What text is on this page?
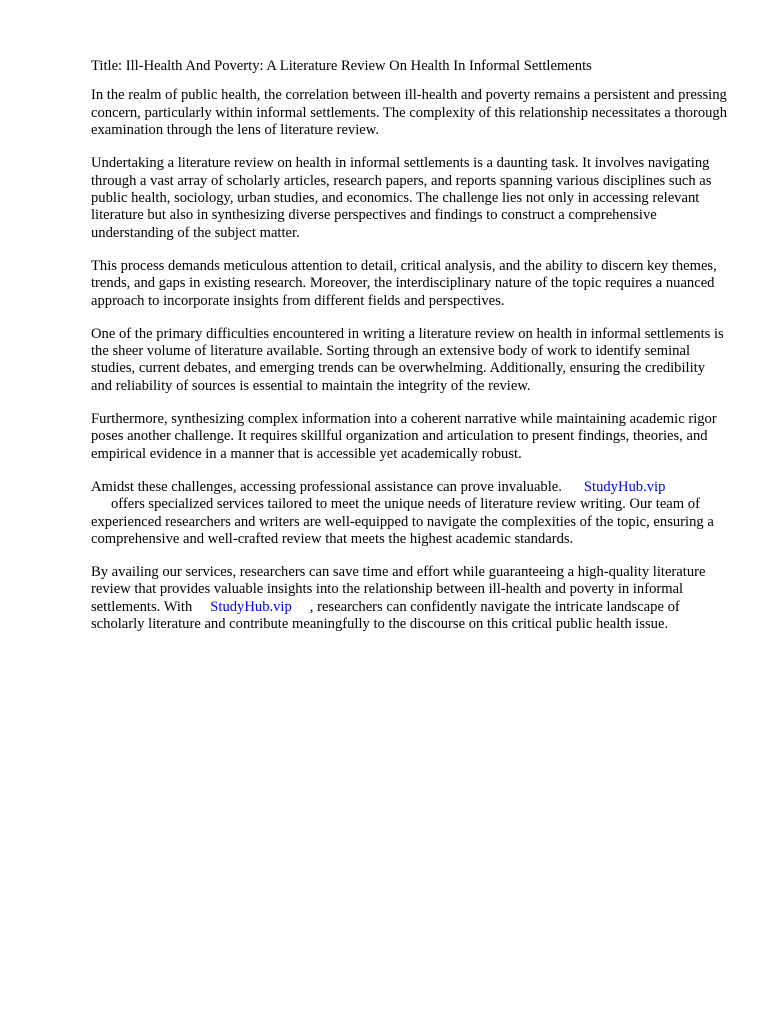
Title: Ill-Health And Poverty: A Literature Review On Health In Informal Settlements

In the realm of public health, the correlation between ill-health and poverty remains a persistent and pressing concern, particularly within informal settlements. The complexity of this relationship necessitates a thorough examination through the lens of literature review.

Undertaking a literature review on health in informal settlements is a daunting task. It involves navigating through a vast array of scholarly articles, research papers, and reports spanning various disciplines such as public health, sociology, urban studies, and economics. The challenge lies not only in accessing relevant literature but also in synthesizing diverse perspectives and findings to construct a comprehensive understanding of the subject matter.

This process demands meticulous attention to detail, critical analysis, and the ability to discern key themes, trends, and gaps in existing research. Moreover, the interdisciplinary nature of the topic requires a nuanced approach to incorporate insights from different fields and perspectives.

One of the primary difficulties encountered in writing a literature review on health in informal settlements is the sheer volume of literature available. Sorting through an extensive body of work to identify seminal studies, current debates, and emerging trends can be overwhelming. Additionally, ensuring the credibility and reliability of sources is essential to maintain the integrity of the review.

Furthermore, synthesizing complex information into a coherent narrative while maintaining academic rigor poses another challenge. It requires skillful organization and articulation to present findings, theories, and empirical evidence in a manner that is accessible yet academically robust.

Amidst these challenges, accessing professional assistance can prove invaluable. StudyHub.vip
offers specialized services tailored to meet the unique needs of literature review writing. Our team of experienced researchers and writers are well-equipped to navigate the complexities of the topic, ensuring a comprehensive and well-crafted review that meets the highest academic standards.

By availing our services, researchers can save time and effort while guaranteeing a high-quality literature review that provides valuable insights into the relationship between ill-health and poverty in informal settlements. With StudyHub.vip , researchers can confidently navigate the intricate landscape of scholarly literature and contribute meaningfully to the discourse on this critical public health issue.
